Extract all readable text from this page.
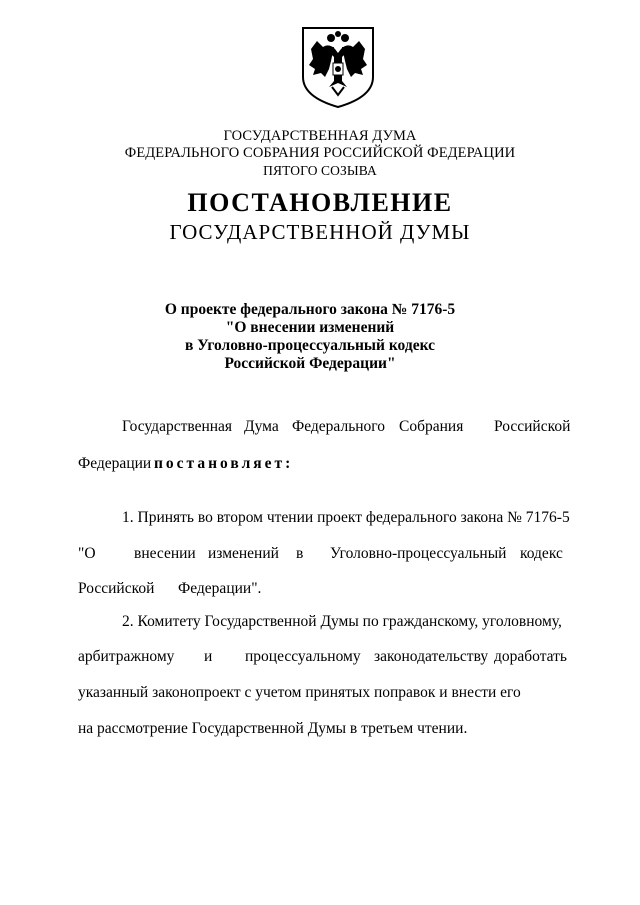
ГОСУДАРСТВЕННАЯ ДУМА
ФЕДЕРАЛЬНОГО СОБРАНИЯ РОССИЙСКОЙ ФЕДЕРАЦИИ
ПЯТОГО СОЗЫВА
ПОСТАНОВЛЕНИЕ
ГОСУДАРСТВЕННОЙ ДУМЫ
О проекте федерального закона № 7176-5
"О внесении изменений
в Уголовно-процессуальный кодекс
Российской Федерации"
Государственная Дума Федерального Собрания Российской
Федерации постановляет:
1. Принять во втором чтении проект федерального закона № 7176-5
"О внесении изменений в Уголовно-процессуальный кодекс
Российской Федерации".
2. Комитету Государственной Думы по гражданскому, уголовному,
арбитражному и процессуальному законодательству доработать
указанный законопроект с учетом принятых поправок и внести его
на рассмотрение Государственной Думы в третьем чтении.
